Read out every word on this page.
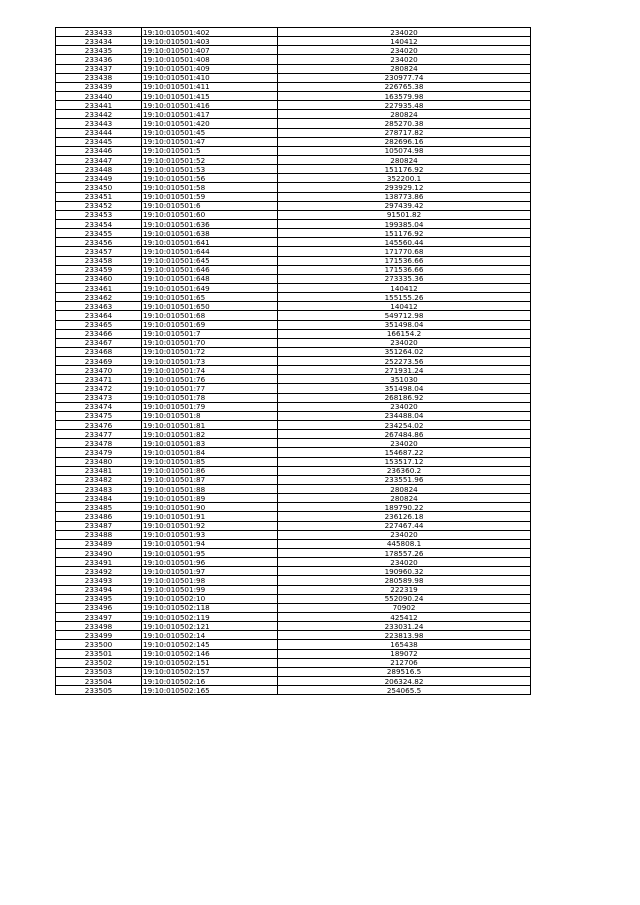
233433	19:10:010501:402	234020
233434	19:10:010501:403	140412
233435	19:10:010501:407	234020
233436	19:10:010501:408	234020
233437	19:10:010501:409	280824
233438	19:10:010501:410	230977.74
233439	19:10:010501:411	226765.38
233440	19:10:010501:415	163579.98
233441	19:10:010501:416	227935.48
233442	19:10:010501:417	280824
233443	19:10:010501:420	285270.38
233444	19:10:010501:45	278717.82
233445	19:10:010501:47	282696.16
233446	19:10:010501:5	105074.98
233447	19:10:010501:52	280824
233448	19:10:010501:53	151176.92
233449	19:10:010501:56	352200.1
233450	19:10:010501:58	293929.12
233451	19:10:010501:59	138773.86
233452	19:10:010501:6	297439.42
233453	19:10:010501:60	91501.82
233454	19:10:010501:636	199385.04
233455	19:10:010501:638	151176.92
233456	19:10:010501:641	145560.44
233457	19:10:010501:644	171770.68
233458	19:10:010501:645	171536.66
233459	19:10:010501:646	171536.66
233460	19:10:010501:648	273335.36
233461	19:10:010501:649	140412
233462	19:10:010501:65	155155.26
233463	19:10:010501:650	140412
233464	19:10:010501:68	549712.98
233465	19:10:010501:69	351498.04
233466	19:10:010501:7	166154.2
233467	19:10:010501:70	234020
233468	19:10:010501:72	351264.02
233469	19:10:010501:73	252273.56
233470	19:10:010501:74	271931.24
233471	19:10:010501:76	351030
233472	19:10:010501:77	351498.04
233473	19:10:010501:78	268186.92
233474	19:10:010501:79	234020
233475	19:10:010501:8	234488.04
233476	19:10:010501:81	234254.02
233477	19:10:010501:82	267484.86
233478	19:10:010501:83	234020
233479	19:10:010501:84	154687.22
233480	19:10:010501:85	153517.12
233481	19:10:010501:86	236360.2
233482	19:10:010501:87	233551.96
233483	19:10:010501:88	280824
233484	19:10:010501:89	280824
233485	19:10:010501:90	189790.22
233486	19:10:010501:91	236126.18
233487	19:10:010501:92	227467.44
233488	19:10:010501:93	234020
233489	19:10:010501:94	445808.1
233490	19:10:010501:95	178557.26
233491	19:10:010501:96	234020
233492	19:10:010501:97	190960.32
233493	19:10:010501:98	280589.98
233494	19:10:010501:99	222319
233495	19:10:010502:10	552090.24
233496	19:10:010502:118	70902
233497	19:10:010502:119	425412
233498	19:10:010502:121	233031.24
233499	19:10:010502:14	223813.98
233500	19:10:010502:145	165438
233501	19:10:010502:146	189072
233502	19:10:010502:151	212706
233503	19:10:010502:157	289516.5
233504	19:10:010502:16	206324.82
233505	19:10:010502:165	254065.5
